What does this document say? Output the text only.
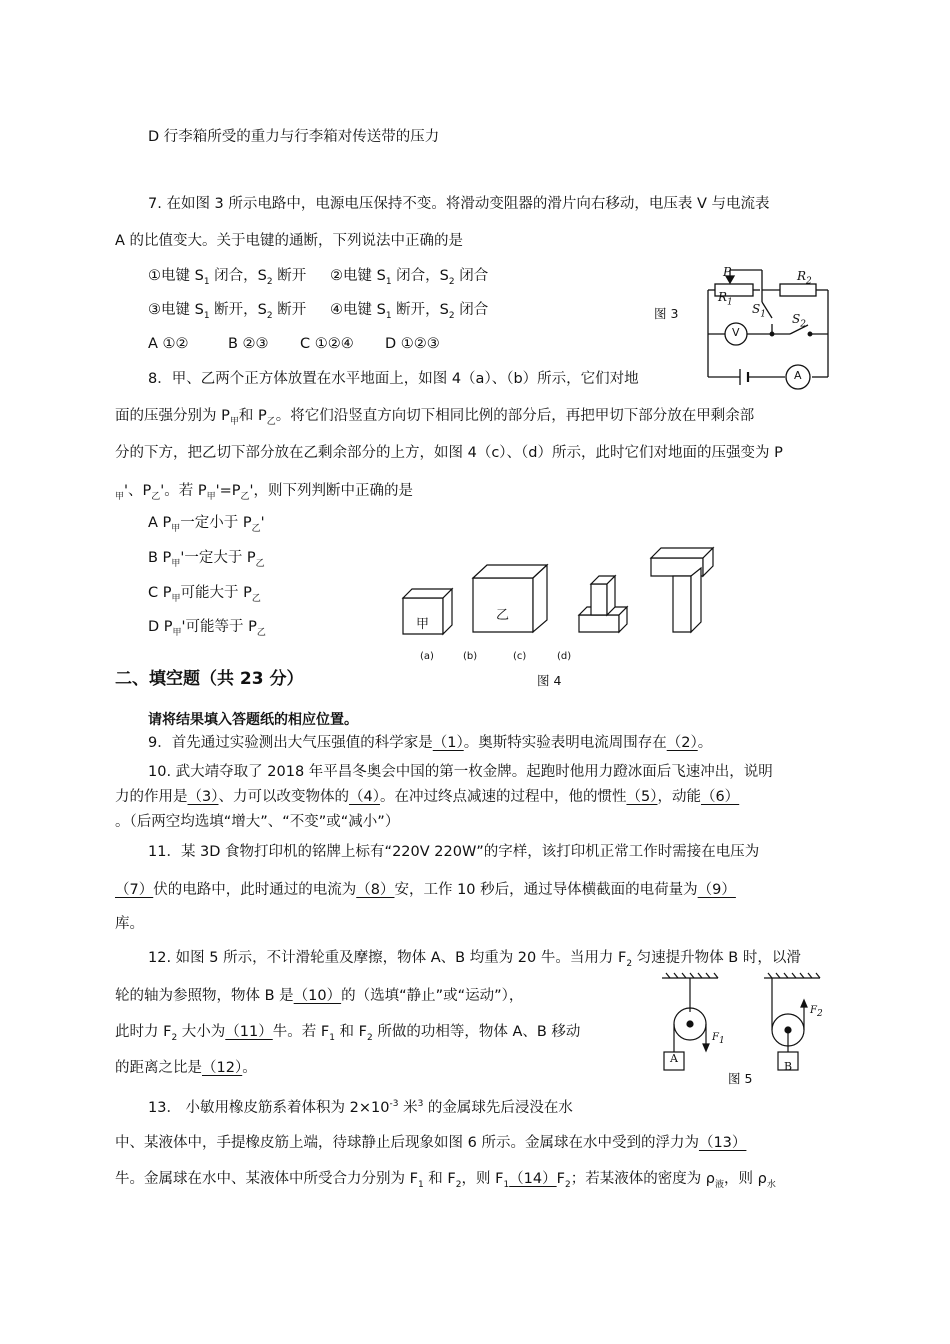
D 行李箱所受的重力与行李箱对传送带的压力
7. 在如图 3 所示电路中，电源电压保持不变。将滑动变阻器的滑片向右移动，电压表 V 与电流表
A 的比值变大。关于电键的通断，下列说法中正确的是
①电键 $S_1$ 闭合，$S_2$ 断开 ②电键 $S_1$ 闭合，$S_2$ 闭合
③电键 $S_1$ 断开，$S_2$ 断开 ④电键 $S_1$ 断开，$S_2$ 闭合
A ①②	B ②③ C ①②④ D ①②③
图 3
P
$R_1$
$R_2$
$S_1$ $S_2$
V
A
8．甲、乙两个正方体放置在水平地面上，如图 4（a）、（b）所示，它们对地
面的压强分别为 $P_甲$和 $P_乙$。将它们沿竖直方向切下相同比例的部分后，再把甲切下部分放在甲剩余部
分的下方，把乙切下部分放在乙剩余部分的上方，如图 4（c）、（d）所示，此时它们对地面的压强变为 P
$_甲$'、$P_乙'$。若 $P_甲'=P_乙'$，则下列判断中正确的是
A $P_甲$一定小于 $P_乙'$
B $P_甲'$一定大于 $P_乙$
C $P_甲$可能大于 $P_乙$
D $P_甲'$可能等于 $P_乙$
甲
乙
(a)	(b)	(c)	(d)
图 4
二、填空题（共 23 分）
请将结果填入答题纸的相应位置。
9．首先通过实验测出大气压强值的科学家是（1）。奥斯特实验表明电流周围存在（2）。
10. 武大靖夺取了 2018 年平昌冬奥会中国的第一枚金牌。起跑时他用力蹬冰面后飞速冲出，说明
力的作用是（3）、力可以改变物体的（4）。在冲过终点减速的过程中，他的惯性（5），动能（6）
。（后两空均选填“增大”、“不变”或“减小”）
11．某 3D 食物打印机的铭牌上标有“220V 220W”的字样，该打印机正常工作时需接在电压为
（7）伏的电路中，此时通过的电流为（8）安，工作 10 秒后，通过导体横截面的电荷量为（9）
库。
12. 如图 5 所示，不计滑轮重及摩擦，物体 A、B 均重为 20 牛。当用力 $F_2$ 匀速提升物体 B 时，以滑
轮的轴为参照物，物体 B 是（10）的（选填“静止”或“运动”），
此时力 $F_2$ 大小为（11）牛。若 $F_1$ 和 $F_2$ 所做的功相等，物体 A、B 移动
的距离之比是（12）。
A
B
$F_1$
$F_2$
图 5
13． 小敏用橡皮筋系着体积为 $2\times 10^{-3}$ 米$^3$ 的金属球先后浸没在水
中、某液体中，手提橡皮筋上端，待球静止后现象如图 6 所示。金属球在水中受到的浮力为（13）
牛。金属球在水中、某液体中所受合力分别为 $F_1$ 和 $F_2$，则 $F_1(14)F_2$；若某液体的密度为 $\rho_液$，则 $\rho_水$
